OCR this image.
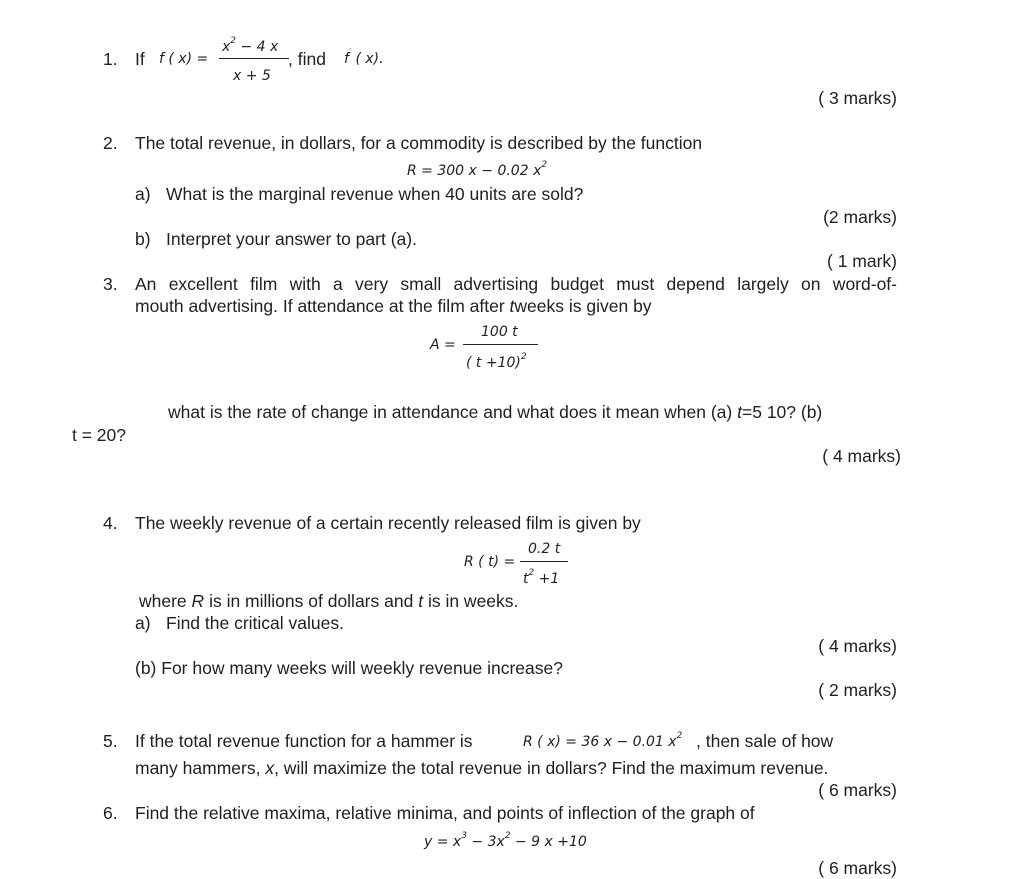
1. If f ( x) =
$x^2 - 4$ x
x + 5
, find f′ ( x).
( 3 marks)
2. The total revenue, in dollars, for a commodity is described by the function
R = 300 x − 0.02 $x^2$
a) What is the marginal revenue when 40 units are sold?
(2 marks)
b) Interpret your answer to part (a).
( 1 mark)
3. An excellent film with a very small advertising budget must depend largely on word-of-
mouth advertising. If attendance at the film after tweeks is given by
A =
100 t
( t +10)$^2$
what is the rate of change in attendance and what does it mean when (a) t=5 10? (b)
t = 20?
( 4 marks)
4. The weekly revenue of a certain recently released film is given by
R ( t) =
0.2 t
$t^2 +1$
where R is in millions of dollars and t is in weeks.
a) Find the critical values.
( 4 marks)
(b) For how many weeks will weekly revenue increase?
( 2 marks)
5. If the total revenue function for a hammer is	R ( x) = 36 x − 0.01 $x^2$ , then sale of how
many hammers, x, will maximize the total revenue in dollars? Find the maximum revenue.
( 6 marks)
6. Find the relative maxima, relative minima, and points of inflection of the graph of
$y = x^3 - 3x^2 - 9$ x +10
( 6 marks)
